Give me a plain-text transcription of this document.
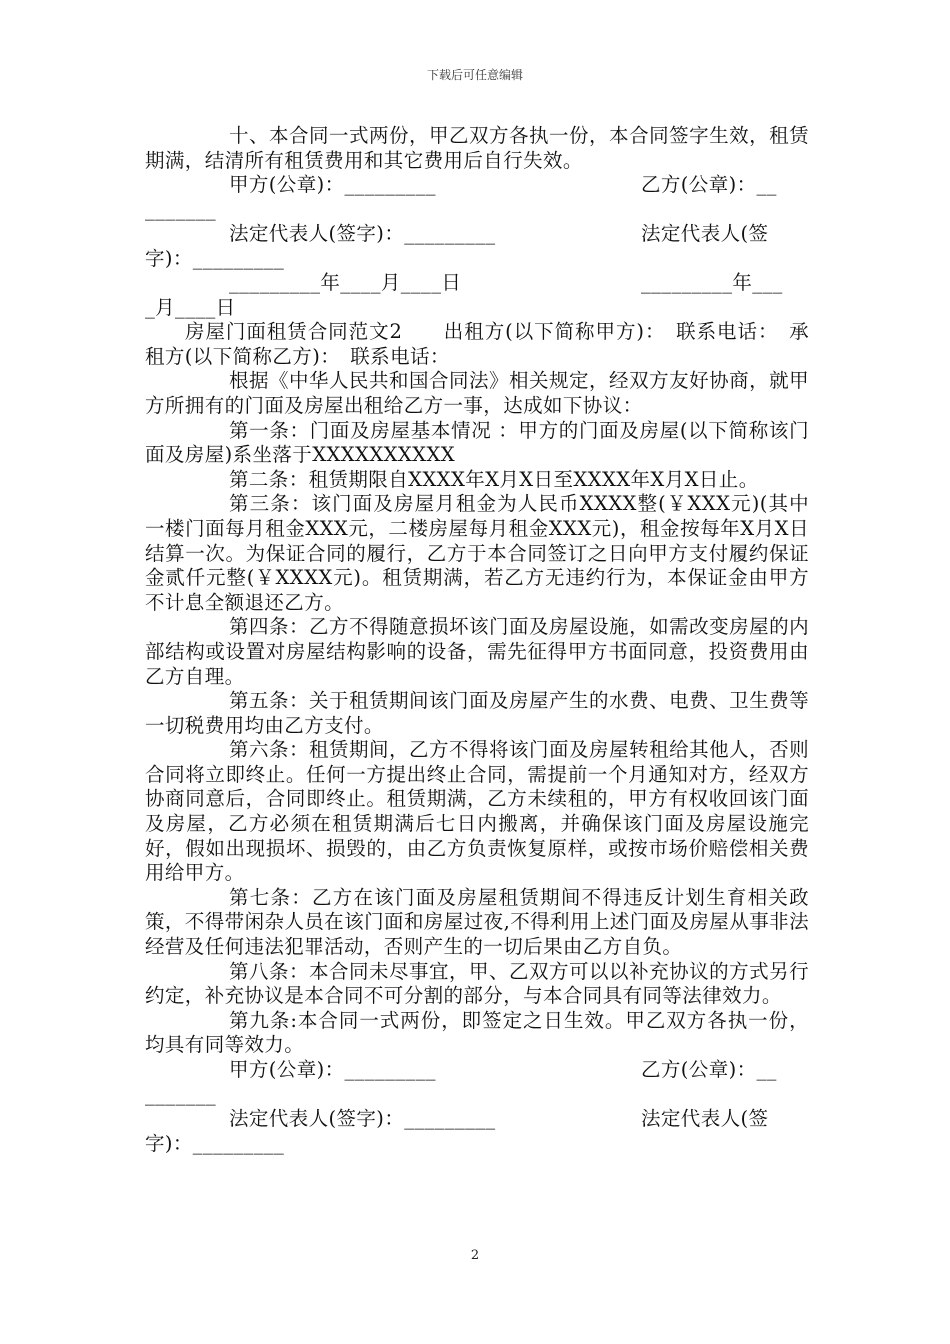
下载后可任意编辑

十、本合同一式两份，甲乙双方各执一份，本合同签字生效，租赁期满，结清所有租赁费用和其它费用后自行失效。

甲方(公章)：_________	乙方(公章)：__
_______
法定代表人(签字)：_________	法定代表人(签
字)：_________
_________年____月____日	_________年___
_月____日

房屋门面租赁合同范文2　　出租方(以下简称甲方)：　联系电话：　承租方(以下简称乙方)：　联系电话：

根据《中华人民共和国合同法》相关规定，经双方友好协商，就甲方所拥有的门面及房屋出租给乙方一事，达成如下协议：

第一条：门面及房屋基本情况 ：甲方的门面及房屋(以下简称该门面及房屋)系坐落于XXXXXXXXXX

第二条：租赁期限自XXXX年X月X日至XXXX年X月X日止。

第三条：该门面及房屋月租金为人民币XXXX整(￥XXX元)(其中一楼门面每月租金XXX元，二楼房屋每月租金XXX元)，租金按每年X月X日结算一次。为保证合同的履行，乙方于本合同签订之日向甲方支付履约保证金贰仟元整(￥XXXX元)。租赁期满，若乙方无违约行为，本保证金由甲方不计息全额退还乙方。

第四条：乙方不得随意损坏该门面及房屋设施，如需改变房屋的内部结构或设置对房屋结构影响的设备，需先征得甲方书面同意，投资费用由乙方自理。

第五条：关于租赁期间该门面及房屋产生的水费、电费、卫生费等一切税费用均由乙方支付。

第六条：租赁期间，乙方不得将该门面及房屋转租给其他人，否则合同将立即终止。任何一方提出终止合同，需提前一个月通知对方，经双方协商同意后，合同即终止。租赁期满，乙方未续租的，甲方有权收回该门面及房屋，乙方必须在租赁期满后七日内搬离，并确保该门面及房屋设施完好，假如出现损坏、损毁的，由乙方负责恢复原样，或按市场价赔偿相关费用给甲方。

第七条：乙方在该门面及房屋租赁期间不得违反计划生育相关政策，不得带闲杂人员在该门面和房屋过夜,不得利用上述门面及房屋从事非法经营及任何违法犯罪活动，否则产生的一切后果由乙方自负。

第八条：本合同未尽事宜，甲、乙双方可以以补充协议的方式另行约定，补充协议是本合同不可分割的部分，与本合同具有同等法律效力。

第九条:本合同一式两份，即签定之日生效。甲乙双方各执一份，均具有同等效力。

甲方(公章)：_________	乙方(公章)：__
_______
法定代表人(签字)：_________	法定代表人(签
字)：_________
2
